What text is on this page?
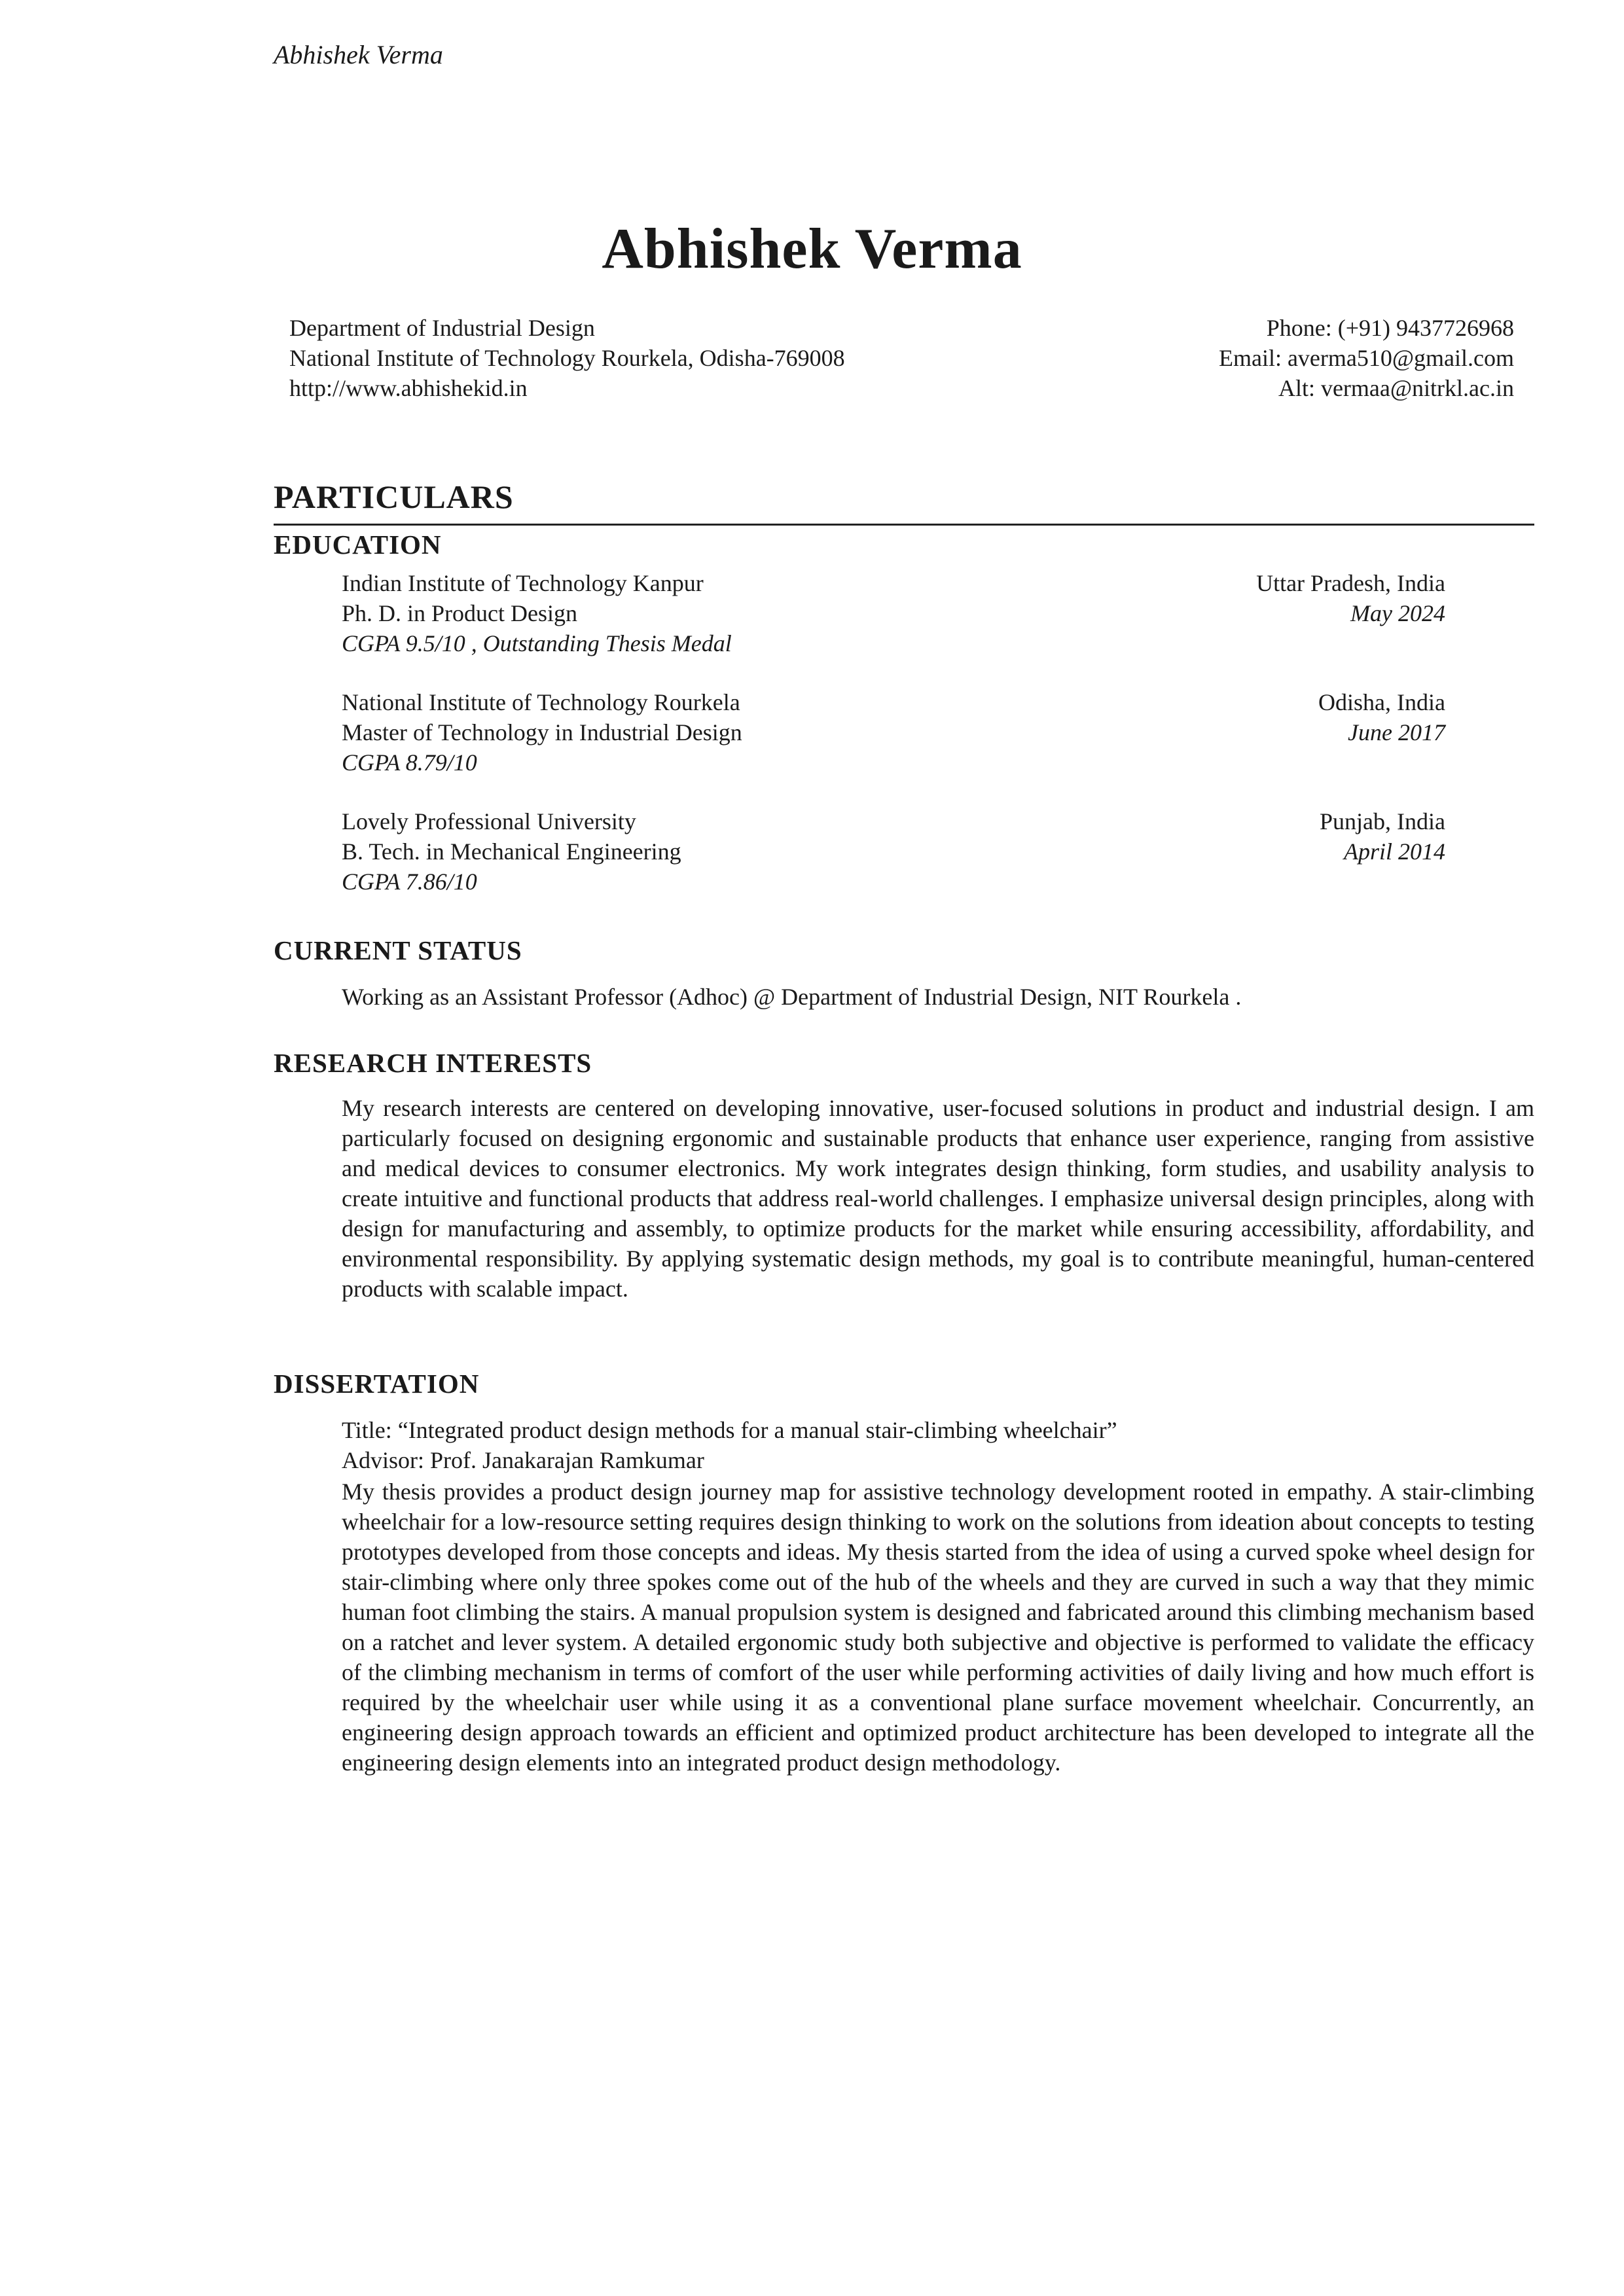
Abhishek Verma
Abhishek Verma
Department of Industrial Design
National Institute of Technology Rourkela, Odisha-769008
http://www.abhishekid.in
Phone: (+91) 9437726968
Email: averma510@gmail.com
Alt: vermaa@nitrkl.ac.in
PARTICULARS
EDUCATION
Indian Institute of Technology Kanpur	Uttar Pradesh, India
Ph. D. in Product Design	May 2024
CGPA 9.5/10 , Outstanding Thesis Medal
National Institute of Technology Rourkela	Odisha, India
Master of Technology in Industrial Design	June 2017
CGPA 8.79/10
Lovely Professional University	Punjab, India
B. Tech. in Mechanical Engineering	April 2014
CGPA 7.86/10
CURRENT STATUS
Working as an Assistant Professor (Adhoc) @ Department of Industrial Design, NIT Rourkela .
RESEARCH INTERESTS
My research interests are centered on developing innovative, user-focused solutions in product and industrial design. I am particularly focused on designing ergonomic and sustainable products that enhance user experience, ranging from assistive and medical devices to consumer electronics. My work integrates design thinking, form studies, and usability analysis to create intuitive and functional products that address real-world challenges. I emphasize universal design principles, along with design for manufacturing and assembly, to optimize products for the market while ensuring accessibility, affordability, and environmental responsibility. By applying systematic design methods, my goal is to contribute meaningful, human-centered products with scalable impact.
DISSERTATION
Title: “Integrated product design methods for a manual stair-climbing wheelchair”
Advisor: Prof. Janakarajan Ramkumar
My thesis provides a product design journey map for assistive technology development rooted in empathy. A stair-climbing wheelchair for a low-resource setting requires design thinking to work on the solutions from ideation about concepts to testing prototypes developed from those concepts and ideas. My thesis started from the idea of using a curved spoke wheel design for stair-climbing where only three spokes come out of the hub of the wheels and they are curved in such a way that they mimic human foot climbing the stairs. A manual propulsion system is designed and fabricated around this climbing mechanism based on a ratchet and lever system. A detailed ergonomic study both subjective and objective is performed to validate the efficacy of the climbing mechanism in terms of comfort of the user while performing activities of daily living and how much effort is required by the wheelchair user while using it as a conventional plane surface movement wheelchair. Concurrently, an engineering design approach towards an efficient and optimized product architecture has been developed to integrate all the engineering design elements into an integrated product design methodology.
